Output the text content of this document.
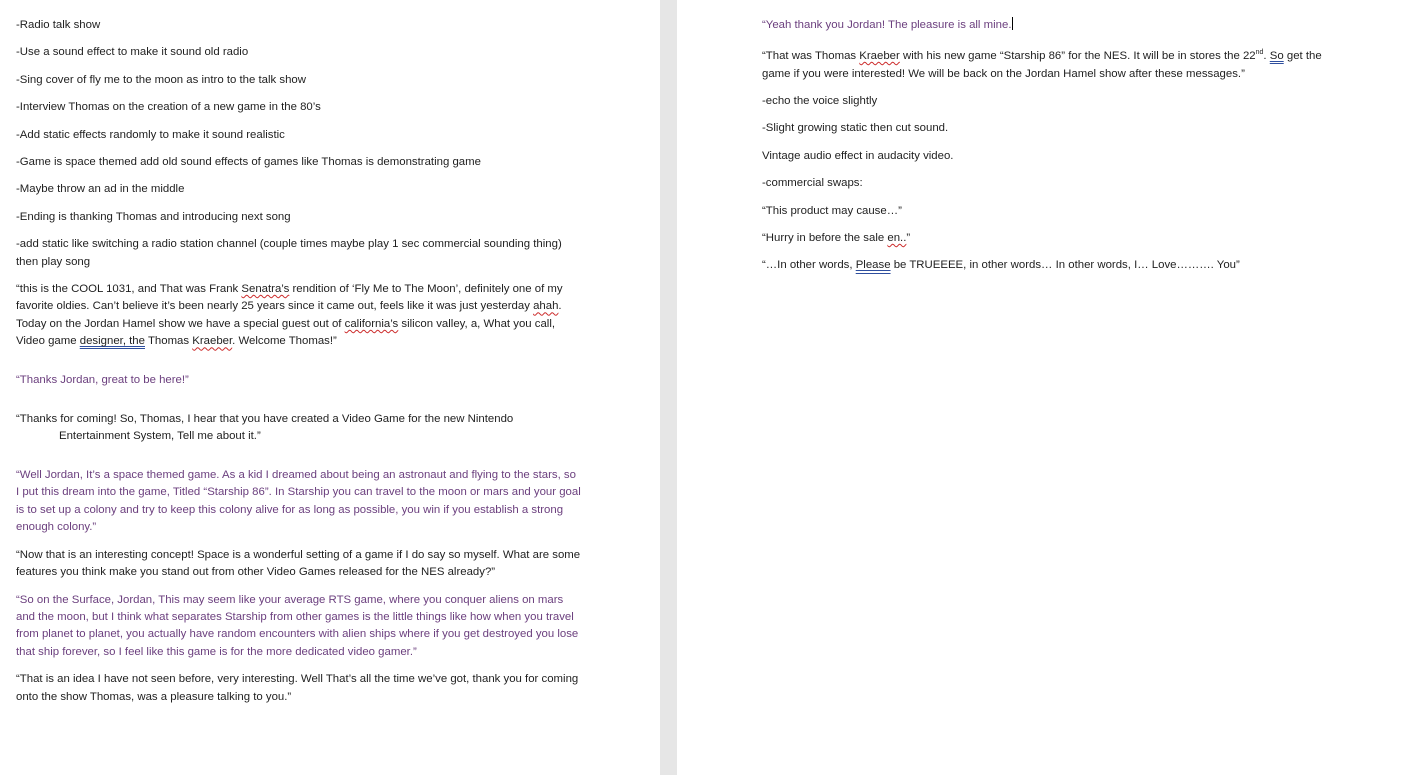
-Radio talk show

-Use a sound effect to make it sound old radio

-Sing cover of fly me to the moon as intro to the talk show

-Interview Thomas on the creation of a new game in the 80’s

-Add static effects randomly to make it sound realistic

-Game is space themed add old sound effects of games like Thomas is demonstrating game

-Maybe throw an ad in the middle

-Ending is thanking Thomas and introducing next song

-add static like switching a radio station channel (couple times maybe play 1 sec commercial sounding thing) then play song

“this is the COOL 1031, and That was Frank Senatra’s rendition of ‘Fly Me to The Moon’, definitely one of my favorite oldies. Can’t believe it’s been nearly 25 years since it came out, feels like it was just yesterday ahah. Today on the Jordan Hamel show we have a special guest out of california’s silicon valley, a, What you call, Video game designer, the Thomas Kraeber. Welcome Thomas!”

“Thanks Jordan, great to be here!”

“Thanks for coming! So, Thomas, I hear that you have created a Video Game for the new Nintendo
Entertainment System, Tell me about it.”

“Well Jordan, It’s a space themed game. As a kid I dreamed about being an astronaut and flying to the stars, so I put this dream into the game, Titled “Starship 86”. In Starship you can travel to the moon or mars and your goal is to set up a colony and try to keep this colony alive for as long as possible, you win if you establish a strong enough colony.”

“Now that is an interesting concept! Space is a wonderful setting of a game if I do say so myself. What are some features you think make you stand out from other Video Games released for the NES already?”

“So on the Surface, Jordan, This may seem like your average RTS game, where you conquer aliens on mars and the moon, but I think what separates Starship from other games is the little things like how when you travel from planet to planet, you actually have random encounters with alien ships where if you get destroyed you lose that ship forever, so I feel like this game is for the more dedicated video gamer.”

“That is an idea I have not seen before, very interesting. Well That’s all the time we’ve got, thank you for coming onto the show Thomas, was a pleasure talking to you.”

“Yeah thank you Jordan! The pleasure is all mine.

“That was Thomas Kraeber with his new game “Starship 86” for the NES. It will be in stores the 22nd. So get the game if you were interested! We will be back on the Jordan Hamel show after these messages.”

-echo the voice slightly

-Slight growing static then cut sound.

Vintage audio effect in audacity video.

-commercial swaps:

“This product may cause…”

“Hurry in before the sale en..”

“…In other words, Please be TRUEEEE, in other words… In other words, I… Love………. You”
